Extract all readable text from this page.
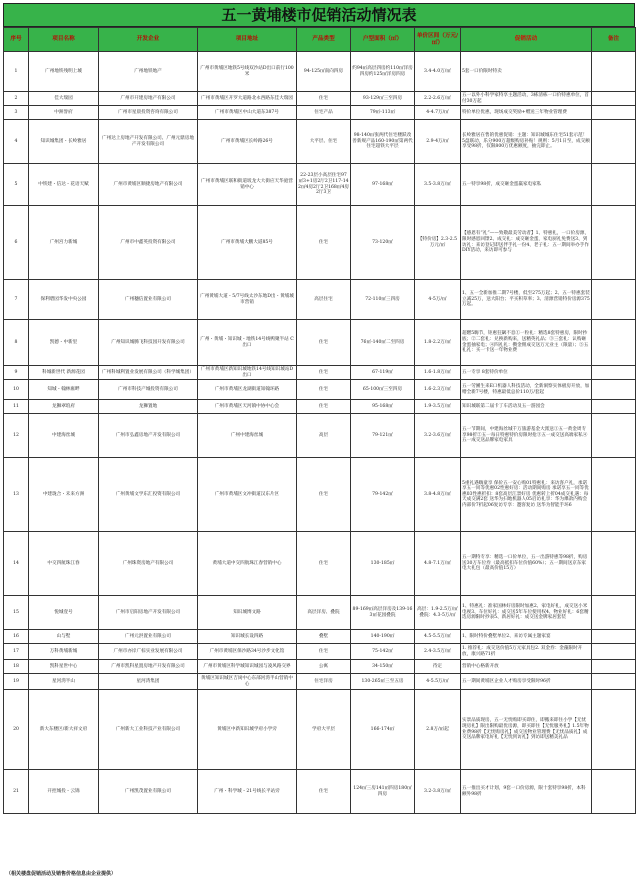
五一黄埔楼市促销活动情况表
序号	项目名称	开发企业	项目地址	产品类型	户型面积（㎡）	单价区间（万元/㎡）	促销活动	备注
1	广州地铁残明上城	广州地铁地产	广州市黄埔区地铁5号线双沙站D出口前行100米	94-125㎡南向四房	约94㎡高层四房约110㎡洋房四房约125㎡洋房四房	3.4-4.0万/㎡	5套一口价限时特卖	
2	佳大瑞园	广州市开建房地产有限公司	广州市黄埔区开罗大道路北永西路东佳大瑞园	住宅	93-129㎡三至四房	2.2-2.6万/㎡	五一以外小科学家特享主题活动，3栋清栋一口价特惠单位，首付30万起	
3	中洲誉府	广州市星晨投资咨询有限公司	广州市黄埔区中山大道东387号	住宅产品	79㎡-113㎡	4-4.7万/㎡	特价单位优惠，现场成交奖励+赠送三年物业管理费	
4	知识城集团・长岭雅居	广州达上房地产开发有限公司、广州元鼎房地产开发有限公司	广州市黄埔区长岭路26号	大平层、住宅	98-140㎡张两代住宅楼跃改善新规产品160-190㎡第两代住宅超铁大平层	2.9-4万/㎡	长岭雅居在售的优惠促销：主题：知识城城东住宅51套示范！5盘联动，乐分900万超级购房补贴！规则：5月1日至，成交额享受98折，仅限800万优惠额度，抽完即止。	
5	中铁建・信达・花语天赋	广州市黄埔区顺捷房地产有限公司	广州市黄埔区联和街道坂龙大大街应天华庭营销中心	22-23层小高层住宅97㎡3+1房2厅2卫117-142㎡4房2厅2卫168㎡4房2厅3卫	97-168㎡	3.5-3.8万/㎡	五一特享98折，成交砸金蛋赢家电家私	
6	广州宫力新城	广州市中鑫英投资有限公司	广州市黄埔大鹏大道85号	住宅	73-120㎡	【特价房】2.3-2.5万元/㎡	【感恩有“礼”——致敬最美劳动者】1、特惠礼，一口价房源，限时感恩回馈2、成交礼：成交砸金蛋，家电厨礼免费送3、到访礼：来访登记即送伴手礼一份4、老子礼：五一期间举办手作DIY活动，来访即可参与	
7	保利碧园华发中央公园	广州穗信置业有限公司	广州黄埔大道・5/7号线太沙东地D出・黄埔城市营销	高层住宅	72-110㎡三四房	4-5万/㎡	1、五一全新加推二期7号楼，低至275万起；2、五一特惠套装立减25万，送大阳台；平买积草率；3、清源营销特价房源375万起。	
8	凯德・中新里	广州知识城腾飞科技园开发有限公司	广州・黄埔・知识城・地铁14号线鸭聚半站 C 出口	住宅	76㎡-140㎡二至四房	1.8-2.2万/㎡	超燃5嗨节，钜惠狂飙不息①一粒礼：精选8套特惠房，限时抄底；②二套礼：兑换新购来，送精英礼品；③三套礼：认购砸金蛋抽家电；④四礼礼：攒金佣成交送万元业主（限量）；⑤五礼礼：买一卡送一年物业费	
9	科城新世代 新源花园	广州科城利置业发展有限公司（科学城集团）	广州市黄埔区新知识城地铁14号线知识城站D出口	住宅	67-119㎡	1.6-1.8万/㎡	五一专享 8套特价单位	
10	知城・翰林雍畔	广州市科技产城投资有限公司	广州市黄埔区龙湖街道知翰环路	住宅	65-100㎡三至四房	1.6-2.3万/㎡	五一劳圃生来E口机器人科技活动，全新洞察实体板房开放，加赠全新7号楼，特惠最低总价110万/套起	
11	龙狮翠琅府	龙狮置地	广州市黄埔区天河镇中协中心会	住宅	95-168㎡	1.9-3.5万/㎡	知识城联第二届卡丁车活动及五一游园会	
12	中建海丝城	广州市弘鑫房地产开发有限公司	广州中建海丝城	高层	79-121㎡	3.2-3.6万/㎡	五一节期间，中建海丝城千万旅游基金大派送①五一黄金周专享98折②五一每日特惠特价房限时抢③五一成交送高端家私④五一成交送品牌家电家具	
13	中建珑合・未来方洲	广州黄埔文学东汇投资有限公司	广州市黄埔区文冲街道汉东片区	住宅	79-142㎡	3.8-4.8万/㎡	5重礼遇嗨童享 保价五一安心购01特惠礼：来访客户礼，承诺享五一同等优惠02性惠好房：活动期间购房 承诺享五一同等优惠03性惠折扣：8套高层江景好房 优惠转上折04成交礼遇：每天成交满2套 送华为扫地机器人05启访礼享：华为爆款内购会 内部价7折起06复访专享：邀客复访 送华为智能手环6	
14	中交四航珠江春	广州珠资房地产有限公司	黄埔大道中交四航珠江春营销中心	住宅	130-185㎡	4.8-7.1万/㎡	五一期特专享：精选一口价单位，五一出游特惠等98折，购房送30万车位券（最高抵扣车位价值60%）；五一期间送京东家电大礼包（最高价值15万）	
15	悦城壹号	广州市启阳房地产开发有限公司	知识城博文路	高层洋房、叠院	89-169㎡高层洋房及139-163㎡花园叠院	高层：1.9-2.5万/㎡叠院：4.3-5万/㎡	1、特惠礼：准家国林好房限时加惠2、家电好礼，成交送小米电视3、车位好礼：成交送5年车位使用权4、物业好礼：6套精选房源限时抄表5、新居好礼：成交送金牌家居套装	
16	山与墅	广州元洪置业有限公司	知识城长设四路	叠墅	140-190㎡	4.5-5.5万/㎡	1、限时特价叠墅单位2、来访专属主题家宴	
17	万科黄埔新城	广州市亦岸广棕实业发展有限公司	广州市黄埔区保沙路34号沙步文化馆	住宅	75-142㎡	2.4-3.5万/㎡	1. 推荐礼：成交送价值5万元家具包2. 双金券：金藻限时开放，康兴路71折	
18	凯科星世中心	广州市凯科星置房地产开发有限公司	广州市黄埔区科学城知识城园与凌风路交界	公寓	34-150㎡	待定	营销中心格新开放	
19	星河湾半山	星河湾集团	黄埔区知识城区吉岗中心东部河湾半山营销中心	住宅洋房	130-265㎡三至五房	4-5.5万/㎡	五一期间黄埔区企业人才购房享受限时96折	
20	新大东楼区/新大祥文府	广州新大工业科技产业有限公司	黄埔区中新知识城学府小学旁	学府大平层	166-174㎡	2.8万/㎡起	实景品质现房，五一无忧购即买即住，即搬来即住小学【无忧现房礼】限出限购最优房源，即买即住【无忧服务礼】1.5年物业费98折【无忧购房礼】成交送物业管理费【无忧品质礼】成交送品牌家电好礼【无忧到访礼】到访即送精美礼品	
21	开控城投・云锦	广州凯茂置业有限公司	广州・科学城・21号线长平站旁	住宅	124㎡三房141㎡四房180㎡四房	3.2-3.8万/㎡	五一推出买才计划，9套一口价房源，限十套特享98折，本科额外98折	
（相关楼盘促销活动及销售价格信息由企业提供）
